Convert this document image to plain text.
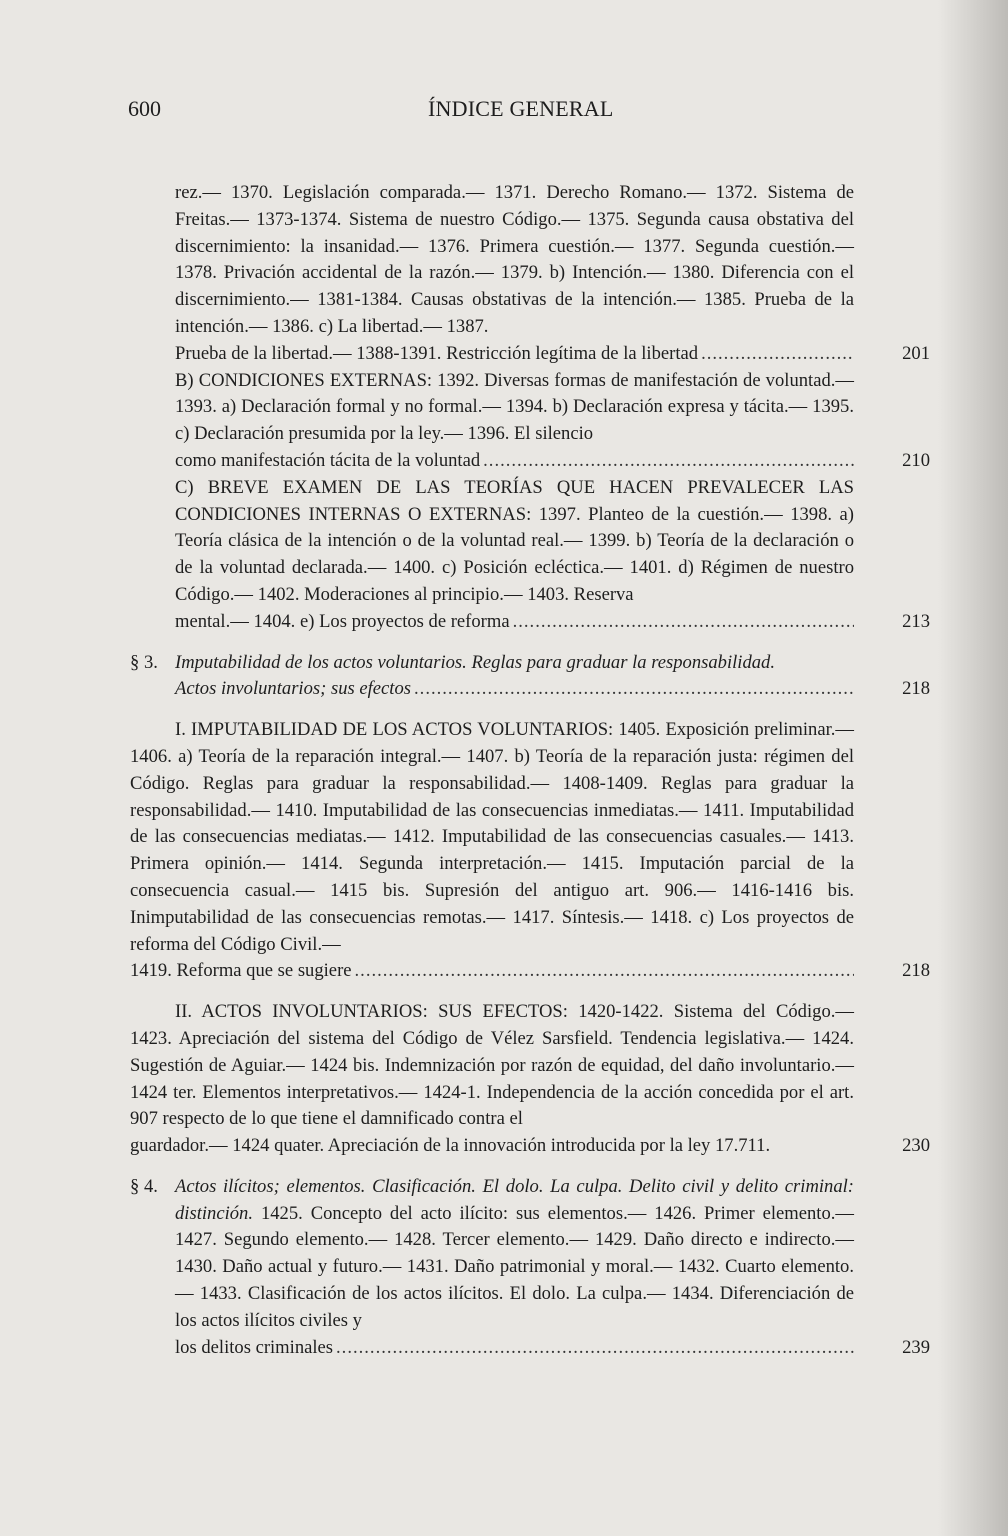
600	ÍNDICE GENERAL
rez.— 1370. Legislación comparada.— 1371. Derecho Romano.— 1372. Sistema de Freitas.— 1373-1374. Sistema de nuestro Código.— 1375. Segunda causa obstativa del discernimiento: la insanidad.— 1376. Primera cuestión.— 1377. Segunda cuestión.— 1378. Privación accidental de la razón.— 1379. b) Intención.— 1380. Diferencia con el discernimiento.— 1381-1384. Causas obstativas de la intención.— 1385. Prueba de la intención.— 1386. c) La libertad.— 1387.
Prueba de la libertad.— 1388-1391. Restricción legítima de la libertad .....	201
B) CONDICIONES EXTERNAS: 1392. Diversas formas de manifestación de voluntad.— 1393. a) Declaración formal y no formal.— 1394. b) Declaración expresa y tácita.— 1395. c) Declaración presumida por la ley.— 1396. El silencio
como manifestación tácita de la voluntad .....	210
C) BREVE EXAMEN DE LAS TEORÍAS QUE HACEN PREVALECER LAS CONDICIONES INTERNAS O EXTERNAS: 1397. Planteo de la cuestión.— 1398. a) Teoría clásica de la intención o de la voluntad real.— 1399. b) Teoría de la declaración o de la voluntad declarada.— 1400. c) Posición ecléctica.— 1401. d) Régimen de nuestro Código.— 1402. Moderaciones al principio.— 1403. Reserva
mental.— 1404. e) Los proyectos de reforma .....	213
§ 3. Imputabilidad de los actos voluntarios. Reglas para graduar la responsabilidad.
Actos involuntarios; sus efectos .....	218
I. IMPUTABILIDAD DE LOS ACTOS VOLUNTARIOS: 1405. Exposición preliminar.— 1406. a) Teoría de la reparación integral.— 1407. b) Teoría de la reparación justa: régimen del Código. Reglas para graduar la responsabilidad.— 1408-1409. Reglas para graduar la responsabilidad.— 1410. Imputabilidad de las consecuencias inmediatas.— 1411. Imputabilidad de las consecuencias mediatas.— 1412. Imputabilidad de las consecuencias casuales.— 1413. Primera opinión.— 1414. Segunda interpretación.— 1415. Imputación parcial de la consecuencia casual.— 1415 bis. Supresión del antiguo art. 906.— 1416-1416 bis. Inimputabilidad de las consecuencias remotas.— 1417. Síntesis.— 1418. c) Los proyectos de reforma del Código Civil.—
1419. Reforma que se sugiere .....	218
II. ACTOS INVOLUNTARIOS: SUS EFECTOS: 1420-1422. Sistema del Código.— 1423. Apreciación del sistema del Código de Vélez Sarsfield. Tendencia legislativa.— 1424. Sugestión de Aguiar.— 1424 bis. Indemnización por razón de equidad, del daño involuntario.— 1424 ter. Elementos interpretativos.— 1424-1. Independencia de la acción concedida por el art. 907 respecto de lo que tiene el damnificado contra el
guardador.— 1424 quater. Apreciación de la innovación introducida por la ley 17.711.	230
§ 4. Actos ilícitos; elementos. Clasificación. El dolo. La culpa. Delito civil y delito criminal: distinción. 1425. Concepto del acto ilícito: sus elementos.— 1426. Primer elemento.— 1427. Segundo elemento.— 1428. Tercer elemento.— 1429. Daño directo e indirecto.— 1430. Daño actual y futuro.— 1431. Daño patrimonial y moral.— 1432. Cuarto elemento.— 1433. Clasificación de los actos ilícitos. El dolo. La culpa.— 1434. Diferenciación de los actos ilícitos civiles y
los delitos criminales .....	239
